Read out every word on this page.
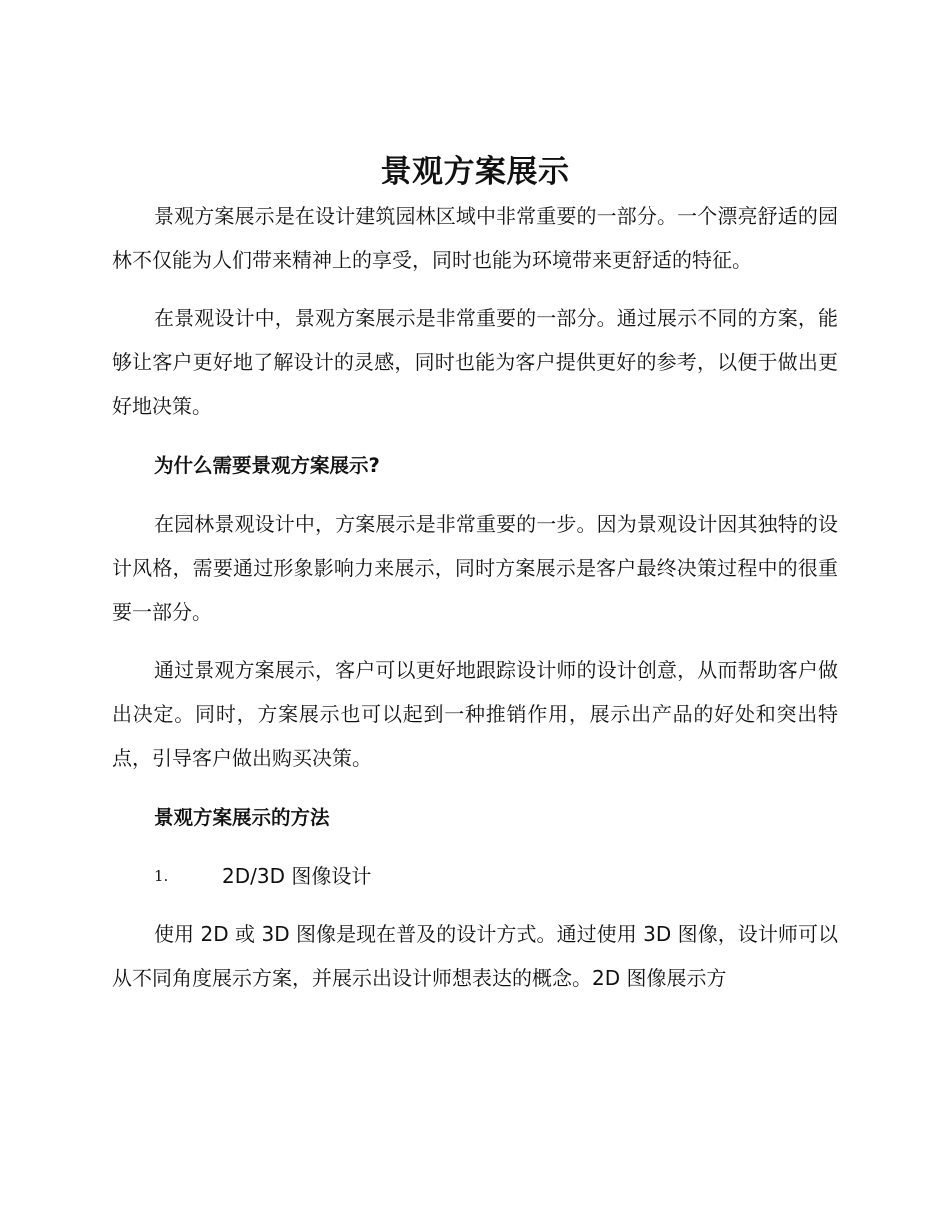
景观方案展示

景观方案展示是在设计建筑园林区域中非常重要的一部分。一个漂亮舒适的园林不仅能为人们带来精神上的享受，同时也能为环境带来更舒适的特征。

在景观设计中，景观方案展示是非常重要的一部分。通过展示不同的方案，能够让客户更好地了解设计的灵感，同时也能为客户提供更好的参考，以便于做出更好地决策。

为什么需要景观方案展示?

在园林景观设计中，方案展示是非常重要的一步。因为景观设计因其独特的设计风格，需要通过形象影响力来展示，同时方案展示是客户最终决策过程中的很重要一部分。

通过景观方案展示，客户可以更好地跟踪设计师的设计创意，从而帮助客户做出决定。同时，方案展示也可以起到一种推销作用，展示出产品的好处和突出特点，引导客户做出购买决策。

景观方案展示的方法

1.	2D/3D 图像设计

使用 2D 或 3D 图像是现在普及的设计方式。通过使用 3D 图像，设计师可以从不同角度展示方案，并展示出设计师想表达的概念。2D 图像展示方
